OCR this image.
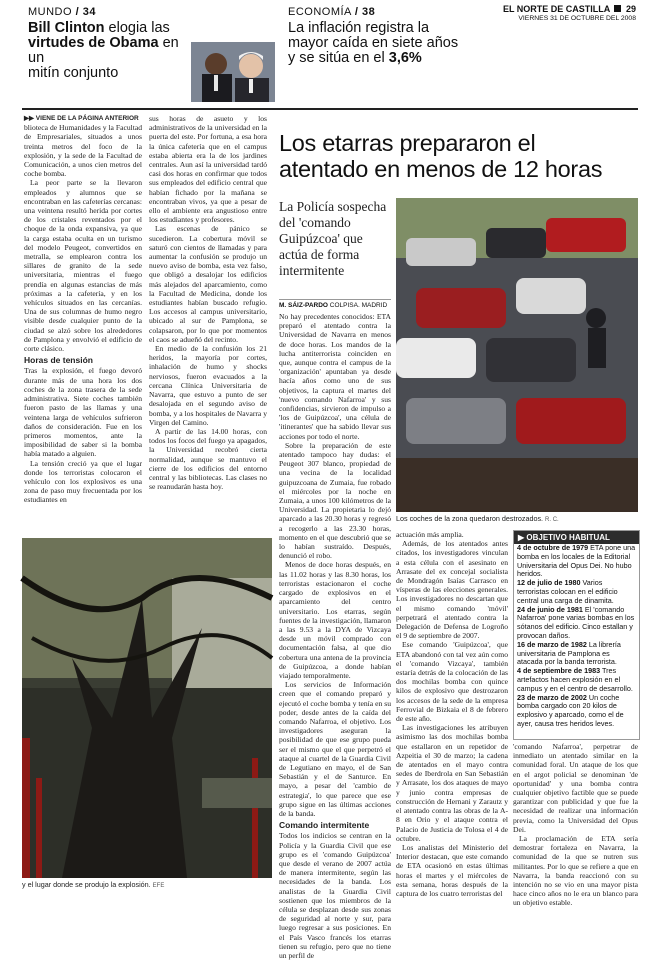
MUNDO / 34
Bill Clinton elogia las
virtudes de Obama en un
mitín conjunto
ECONOMÍA / 38
La inflación registra la
mayor caída en siete años
y se sitúa en el 3,6%
EL NORTE DE CASTILLA 29
VIERNES 31 DE OCTUBRE DEL 2008
▶▶ VIENE DE LA PÁGINA ANTERIOR

blioteca de Humanidades y la Facultad de Empresariales, situados a unos treinta metros del foco de la explosión, y la sede de la Facultad de Comunicación, a unos cien metros del coche bomba.

La peor parte se la llevaron empleados y alumnos que se encontraban en las cafeterías cercanas: una veintena resultó herida por cortes de los cristales reventados por el choque de la onda expansiva, ya que la carga estaba oculta en un turismo del modelo Peugeot, convertidos en metralla, se emplearon contra los sillares de granito de la sede universitaria, mientras el fuego prendía en algunas estancias de más próximas a la cafetería, y en los vehículos situados en las cercanías. Una de sus columnas de humo negro visible desde cualquier punto de la ciudad se alzó sobre los alrededores de Pamplona y envolvió el edificio de corte clásico.

Horas de tensión

Tras la explosión, el fuego devoró durante más de una hora los dos coches de la zona trasera de la sede administrativa. Siete coches también fueron pasto de las llamas y una veintena larga de vehículos sufrieron daños de consideración. Fue en los primeros momentos, ante la imposibilidad de saber si la bomba había matado a alguien.

La tensión creció ya que el lugar donde los terroristas colocaron el vehículo con los explosivos es una zona de paso muy frecuentada por los estudiantes en

sus horas de asueto y los administrativos de la universidad en la puerta del este. Por fortuna, a esa hora la única cafetería que en el campus estaba abierta era la de los jardines centrales. Aun así la universidad tardó casi dos horas en confirmar que todos sus empleados del edificio central que habían fichado por la mañana se encontraban vivos, ya que a pesar de ello el ambiente era angustioso entre los estudiantes y profesores.

Las escenas de pánico se sucedieron. La cobertura móvil se saturó con cientos de llamadas y para aumentar la confusión se produjo un nuevo aviso de bomba, esta vez falso, que obligó a desalojar los edificios más alejados del aparcamiento, como la Facultad de Medicina, donde los estudiantes habían buscado refugio. Los accesos al campus universitario, ubicado al sur de Pamplona, se colapsaron, por lo que por momentos el caos se adueñó del recinto.

En medio de la confusión los 21 heridos, la mayoría por cortes, inhalación de humo y shocks nerviosos, fueron evacuados a la cercana Clínica Universitaria de Navarra, que estuvo a punto de ser desalojada en el segundo aviso de bomba, y a los hospitales de Navarra y Virgen del Camino.

A partir de las 14.00 horas, con todos los focos del fuego ya apagados, la Universidad recobró cierta normalidad, aunque se mantuvo el cierre de los edificios del entorno central y las bibliotecas. Las clases no se reanudarán hasta hoy.

y el lugar donde se produjo la explosión. EFE
Los etarras prepararon el
atentado en menos de 12 horas
La Policía sospecha
del 'comando
Guipúzcoa' que
actúa de forma
intermitente
M. SÁIZ-PARDO COLPISA. MADRID
Los coches de la zona quedaron destrozados. R. C.

No hay precedentes conocidos: ETA preparó el atentado contra la Universidad de Navarra en menos de doce horas. Los mandos de la lucha antiterrorista coinciden en que, aunque contra el campus de la 'organización' apuntaban ya desde hacía años como uno de sus objetivos, la captura el martes del 'nuevo comando Nafarroa' y sus confidencias, sirvieron de impulso a 'los de Guipúzcoa', una célula de 'itinerantes' que ha sabido llevar sus acciones por todo el norte.

Sobre la preparación de este atentado tampoco hay dudas: el Peugeot 307 blanco, propiedad de una vecina de la localidad guipuzcoana de Zumaia, fue robado el miércoles por la noche en Zumaia, a unos 100 kilómetros de la Universidad. La propietaria lo dejó aparcado a las 20.30 horas y regresó a recogerlo a las 23.30 horas, momento en el que descubrió que se lo habían sustraído. Después, denunció el robo.

Menos de doce horas después, en las 11.02 horas y las 8.30 horas, los terroristas estacionaron el coche cargado de explosivos en el aparcamiento del centro universitario. Los etarras, según fuentes de la investigación, llamaron a las 9.53 a la DYA de Vizcaya desde un móvil comprado con documentación falsa, al que dio cobertura una antena de la provincia de Guipúzcoa, a donde habían viajado temporalmente.

Los servicios de Información creen que el comando preparó y ejecutó el coche bomba y tenía en su poder, desde antes de la caída del comando Nafarroa, el objetivo. Los investigadores aseguran la posibilidad de que ese grupo pueda ser el mismo que el que perpetró el ataque al cuartel de la Guardia Civil de Legutiano en mayo, el de San Sebastián y el de Santurce. En mayo, a pesar del 'cambio de estrategia', lo que parece que ese grupo sigue en las últimas acciones de la banda.

Comando intermitente

Todos los indicios se centran en la Policía y la Guardia Civil que ese grupo es el 'comando Guipúzcoa' que desde el verano de 2007 actúa de manera intermitente, según las necesidades de la banda. Los analistas de la Guardia Civil sostienen que los miembros de la célula se desplazan desde sus zonas de seguridad al norte y sur, para luego regresar a sus posiciones. En el País Vasco francés los etarras tienen su refugio, pero que no tiene un perfil de

actuación más amplia.

Además, de los atentados antes citados, los investigadores vinculan a esta célula con el asesinato en Arrasate del ex concejal socialista de Mondragón Isaías Carrasco en vísperas de las elecciones generales. Los investigadores no descartan que el mismo comando 'móvil' perpetrará el atentado contra la Delegación de Defensa de Logroño el 9 de septiembre de 2007.

Ese comando 'Guipúzcoa', que ETA abandonó con tal vez aún como el 'comando Vizcaya', también estaría detrás de la colocación de las dos mochilas bomba con quince kilos de explosivo que destrozaron los accesos de la sede de la empresa Ferrovial de Bizkaia el 8 de febrero de este año.

Las investigaciones les atribuyen asimismo las dos mochilas bomba que estallaron en un repetidor de Azpeitia el 30 de marzo; la cadena de atentados en el mayo contra sedes de Iberdrola en San Sebastián y Arrasate, los dos ataques de mayo y junio contra empresas de construcción de Hernani y Zarautz y el atentado contra las obras de la A-8 en Orio y el ataque contra el Palacio de Justicia de Tolosa el 4 de octubre.

Los analistas del Ministerio del Interior destacan, que este comando de ETA ocasionó en estas últimas horas el martes y el miércoles de esta semana, horas después de la captura de los cuatro terroristas del

▶ OBJETIVO HABITUAL
4 de octubre de 1979 ETA pone una bomba en los locales de la Editorial Universitaria del Opus Dei. No hubo heridos.
12 de julio de 1980 Varios terroristas colocan en el edificio central una carga de dinamita.
24 de junio de 1981 El 'comando Nafarroa' pone varias bombas en los sótanos del edificio. Cinco estallan y provocan daños.
16 de marzo de 1982 La librería universitaria de Pamplona es atacada por la banda terrorista.
4 de septiembre de 1983 Tres artefactos hacen explosión en el campus y en el centro de desarrollo.
23 de marzo de 2002 Un coche bomba cargado con 20 kilos de explosivo y aparcado, como el de ayer, causa tres heridos leves.

'comando Nafarroa', perpetrar de inmediato un atentado similar en la comunidad foral. Un ataque de los que en el argot policial se denominan 'de oportunidad' y una bomba contra cualquier objetivo factible que se puede garantizar con publicidad y que fue la necesidad de realizar una información previa, como la Universidad del Opus Dei.

La proclamación de ETA sería demostrar fortaleza en Navarra, la comunidad de la que se nutren sus militantes. Por lo que se refiere a que en Navarra, la banda reaccionó con su intención no se vio en una mayor pista hace cinco años no le era un blanco para un objetivo estable.
